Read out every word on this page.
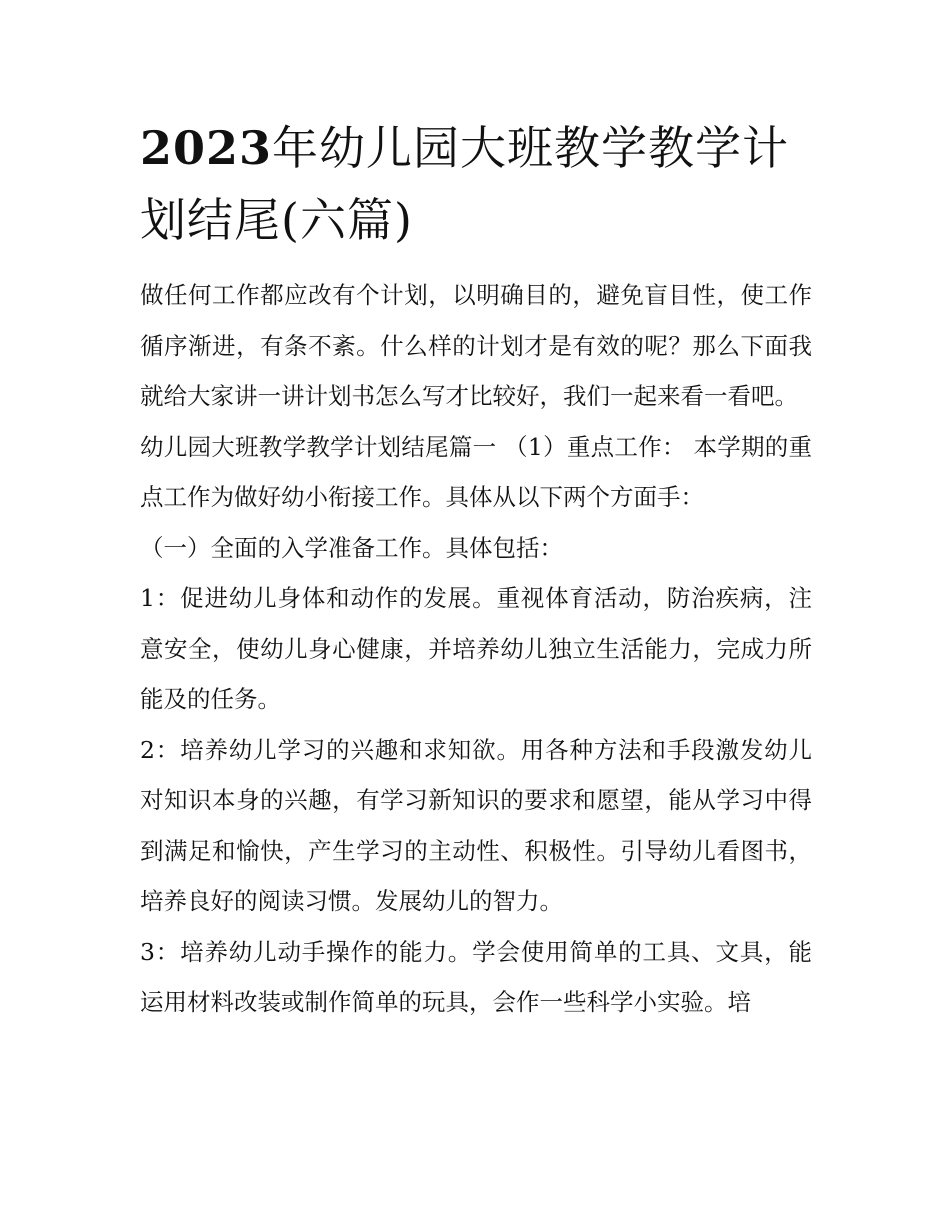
2023年幼儿园大班教学教学计划结尾(六篇)

做任何工作都应改有个计划，以明确目的，避免盲目性，使工作循序渐进，有条不紊。什么样的计划才是有效的呢？那么下面我就给大家讲一讲计划书怎么写才比较好，我们一起来看一看吧。

幼儿园大班教学教学计划结尾篇一 （1）重点工作： 本学期的重点工作为做好幼小衔接工作。具体从以下两个方面手：

（一）全面的入学准备工作。具体包括：

1：促进幼儿身体和动作的发展。重视体育活动，防治疾病，注意安全，使幼儿身心健康，并培养幼儿独立生活能力，完成力所能及的任务。

2：培养幼儿学习的兴趣和求知欲。用各种方法和手段激发幼儿对知识本身的兴趣，有学习新知识的要求和愿望，能从学习中得到满足和愉快，产生学习的主动性、积极性。引导幼儿看图书，培养良好的阅读习惯。发展幼儿的智力。

3：培养幼儿动手操作的能力。学会使用简单的工具、文具，能运用材料改装或制作简单的玩具，会作一些科学小实验。培
